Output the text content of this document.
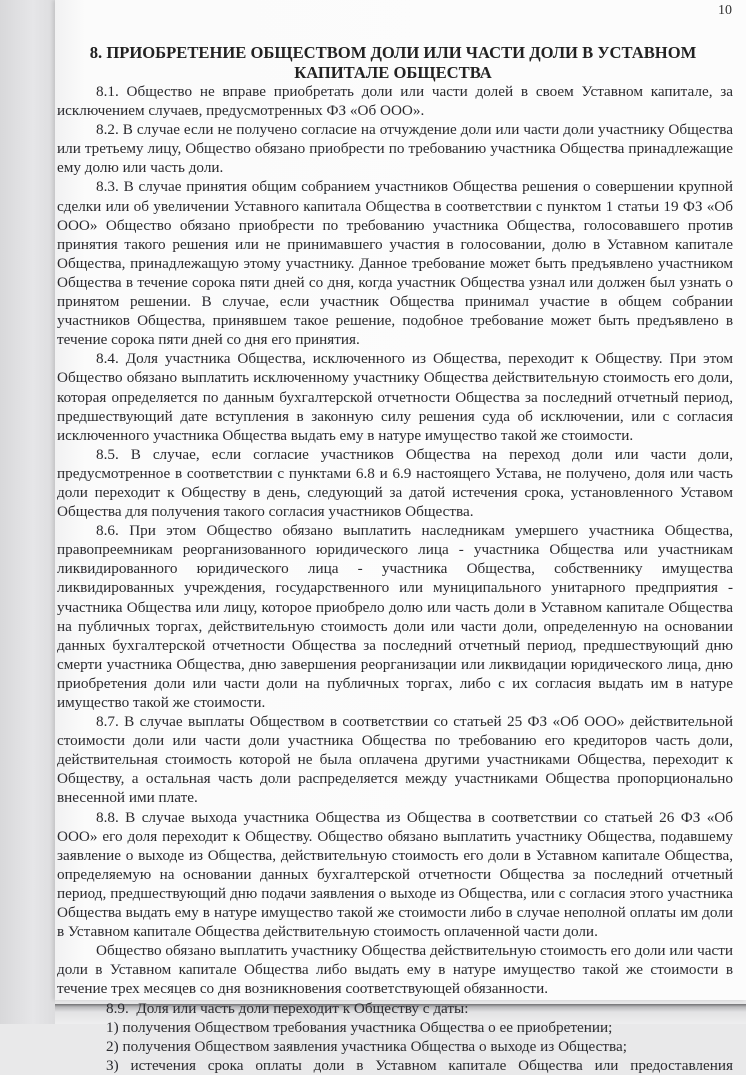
10
8. ПРИОБРЕТЕНИЕ ОБЩЕСТВОМ ДОЛИ ИЛИ ЧАСТИ ДОЛИ В УСТАВНОМ КАПИТАЛЕ ОБЩЕСТВА

8.1. Общество не вправе приобретать доли или части долей в своем Уставном капитале, за исключением случаев, предусмотренных ФЗ «Об ООО».

8.2. В случае если не получено согласие на отчуждение доли или части доли участнику Общества или третьему лицу, Общество обязано приобрести по требованию участника Общества принадлежащие ему долю или часть доли.

8.3. В случае принятия общим собранием участников Общества решения о совершении крупной сделки или об увеличении Уставного капитала Общества в соответствии с пунктом 1 статьи 19 ФЗ «Об ООО» Общество обязано приобрести по требованию участника Общества, голосовавшего против принятия такого решения или не принимавшего участия в голосовании, долю в Уставном капитале Общества, принадлежащую этому участнику. Данное требование может быть предъявлено участником Общества в течение сорока пяти дней со дня, когда участник Общества узнал или должен был узнать о принятом решении. В случае, если участник Общества принимал участие в общем собрании участников Общества, принявшем такое решение, подобное требование может быть предъявлено в течение сорока пяти дней со дня его принятия.

8.4. Доля участника Общества, исключенного из Общества, переходит к Обществу. При этом Общество обязано выплатить исключенному участнику Общества действительную стоимость его доли, которая определяется по данным бухгалтерской отчетности Общества за последний отчетный период, предшествующий дате вступления в законную силу решения суда об исключении, или с согласия исключенного участника Общества выдать ему в натуре имущество такой же стоимости.

8.5. В случае, если согласие участников Общества на переход доли или части доли, предусмотренное в соответствии с пунктами 6.8 и 6.9 настоящего Устава, не получено, доля или часть доли переходит к Обществу в день, следующий за датой истечения срока, установленного Уставом Общества для получения такого согласия участников Общества.

8.6. При этом Общество обязано выплатить наследникам умершего участника Общества, правопреемникам реорганизованного юридического лица - участника Общества или участникам ликвидированного юридического лица - участника Общества, собственнику имущества ликвидированных учреждения, государственного или муниципального унитарного предприятия - участника Общества или лицу, которое приобрело долю или часть доли в Уставном капитале Общества на публичных торгах, действительную стоимость доли или части доли, определенную на основании данных бухгалтерской отчетности Общества за последний отчетный период, предшествующий дню смерти участника Общества, дню завершения реорганизации или ликвидации юридического лица, дню приобретения доли или части доли на публичных торгах, либо с их согласия выдать им в натуре имущество такой же стоимости.

8.7. В случае выплаты Обществом в соответствии со статьей 25 ФЗ «Об ООО» действительной стоимости доли или части доли участника Общества по требованию его кредиторов часть доли, действительная стоимость которой не была оплачена другими участниками Общества, переходит к Обществу, а остальная часть доли распределяется между участниками Общества пропорционально внесенной ими плате.

8.8. В случае выхода участника Общества из Общества в соответствии со статьей 26 ФЗ «Об ООО» его доля переходит к Обществу. Общество обязано выплатить участнику Общества, подавшему заявление о выходе из Общества, действительную стоимость его доли в Уставном капитале Общества, определяемую на основании данных бухгалтерской отчетности Общества за последний отчетный период, предшествующий дню подачи заявления о выходе из Общества, или с согласия этого участника Общества выдать ему в натуре имущество такой же стоимости либо в случае неполной оплаты им доли в Уставном капитале Общества действительную стоимость оплаченной части доли.

Общество обязано выплатить участнику Общества действительную стоимость его доли или части доли в Уставном капитале Общества либо выдать ему в натуре имущество такой же стоимости в течение трех месяцев со дня возникновения соответствующей обязанности.

8.9. Доля или часть доли переходит к Обществу с даты:

1) получения Обществом требования участника Общества о ее приобретении;

2) получения Обществом заявления участника Общества о выходе из Общества;

3) истечения срока оплаты доли в Уставном капитале Общества или предоставления
